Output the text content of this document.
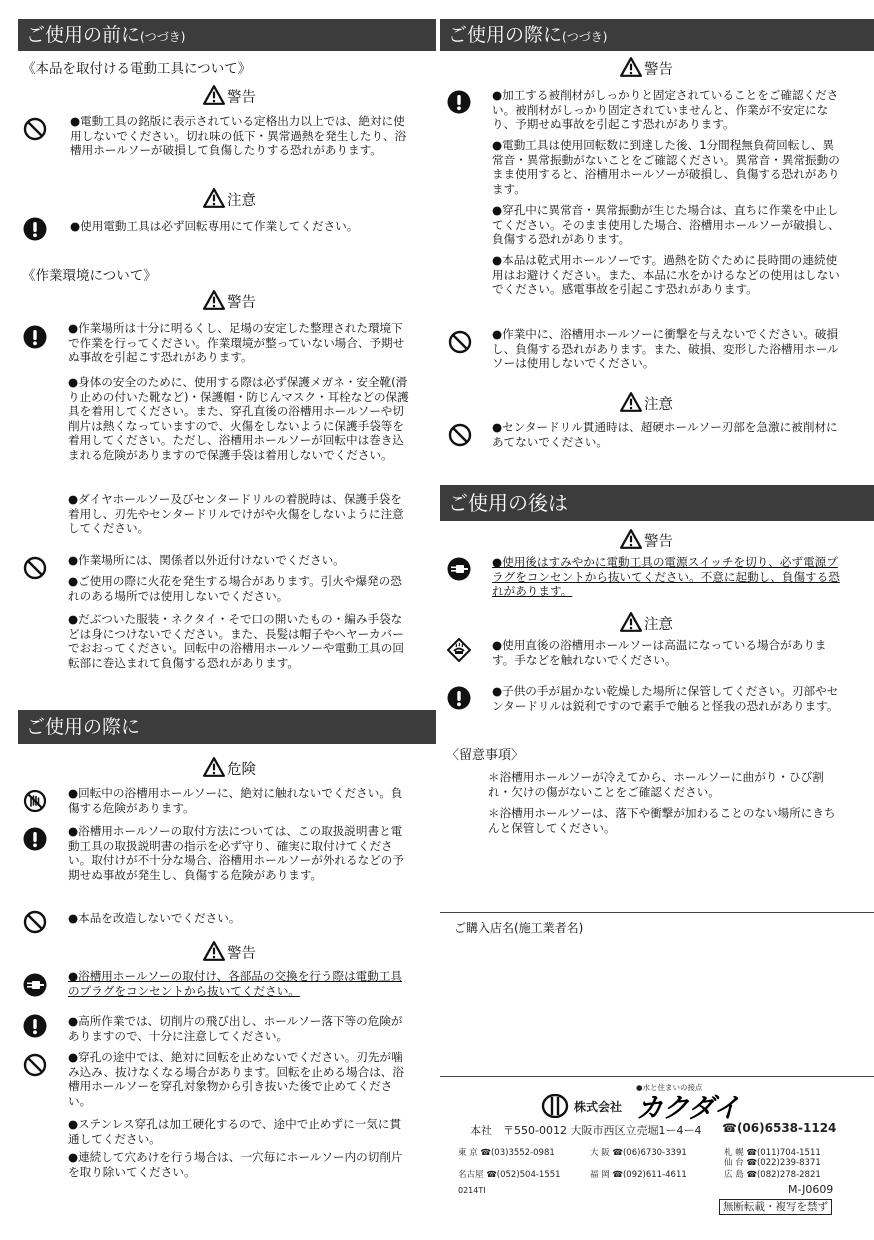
ご使用の前に(つづき)
《本品を取付ける電動工具について》
警告
●電動工具の銘版に表示されている定格出力以上では、絶対に使用しないでください。切れ味の低下・異常過熱を発生したり、浴槽用ホールソーが破損して負傷したりする恐れがあります。
注意
●使用電動工具は必ず回転専用にて作業してください。
《作業環境について》
警告
●作業場所は十分に明るくし、足場の安定した整理された環境下で作業を行ってください。作業環境が整っていない場合、予期せぬ事故を引起こす恐れがあります。
●身体の安全のために、使用する際は必ず保護メガネ・安全靴(滑り止めの付いた靴など)・保護帽・防じんマスク・耳栓などの保護具を着用してください。また、穿孔直後の浴槽用ホールソーや切削片は熱くなっていますので、火傷をしないように保護手袋等を着用してください。ただし、浴槽用ホールソーが回転中は巻き込まれる危険がありますので保護手袋は着用しないでください。
●ダイヤホールソー及びセンタードリルの着脱時は、保護手袋を着用し、刃先やセンタードリルでけがや火傷をしないように注意してください。
●作業場所には、関係者以外近付けないでください。
●ご使用の際に火花を発生する場合があります。引火や爆発の恐れのある場所では使用しないでください。
●だぶついた服装・ネクタイ・そで口の開いたもの・編み手袋などは身につけないでください。また、長髪は帽子やヘヤーカバーでおおってください。回転中の浴槽用ホールソーや電動工具の回転部に巻込まれて負傷する恐れがあります。
ご使用の際に
危険
●回転中の浴槽用ホールソーに、絶対に触れないでください。負傷する危険があります。
●浴槽用ホールソーの取付方法については、この取扱説明書と電動工具の取扱説明書の指示を必ず守り、確実に取付けてください。取付けが不十分な場合、浴槽用ホールソーが外れるなどの予期せぬ事故が発生し、負傷する危険があります。
●本品を改造しないでください。
警告
●浴槽用ホールソーの取付け、各部品の交換を行う際は電動工具のプラグをコンセントから抜いてください。
●高所作業では、切削片の飛び出し、ホールソー落下等の危険がありますので、十分に注意してください。
●穿孔の途中では、絶対に回転を止めないでください。刃先が噛み込み、抜けなくなる場合があります。回転を止める場合は、浴槽用ホールソーを穿孔対象物から引き抜いた後で止めてください。
●ステンレス穿孔は加工硬化するので、途中で止めずに一気に貫通してください。
●連続して穴あけを行う場合は、一穴毎にホールソー内の切削片を取り除いてください。
ご使用の際に(つづき)
警告
●加工する被削材がしっかりと固定されていることをご確認ください。被削材がしっかり固定されていませんと、作業が不安定になり、予期せぬ事故を引起こす恐れがあります。
●電動工具は使用回転数に到達した後、1分間程無負荷回転し、異常音・異常振動がないことをご確認ください。異常音・異常振動のまま使用すると、浴槽用ホールソーが破損し、負傷する恐れがあります。
●穿孔中に異常音・異常振動が生じた場合は、直ちに作業を中止してください。そのまま使用した場合、浴槽用ホールソーが破損し、負傷する恐れがあります。
●本品は乾式用ホールソーです。過熱を防ぐために長時間の連続使用はお避けください。また、本品に水をかけるなどの使用はしないでください。感電事故を引起こす恐れがあります。
●作業中に、浴槽用ホールソーに衝撃を与えないでください。破損し、負傷する恐れがあります。また、破損、変形した浴槽用ホールソーは使用しないでください。
注意
●センタードリル貫通時は、超硬ホールソー刃部を急激に被削材にあてないでください。
ご使用の後は
警告
●使用後はすみやかに電動工具の電源スイッチを切り、必ず電源プラグをコンセントから抜いてください。不意に起動し、負傷する恐れがあります。
注意
●使用直後の浴槽用ホールソーは高温になっている場合があります。手などを触れないでください。
●子供の手が届かない乾燥した場所に保管してください。刃部やセンタードリルは鋭利ですので素手で触ると怪我の恐れがあります。
〈留意事項〉
＊浴槽用ホールソーが冷えてから、ホールソーに曲がり・ひび割れ・欠けの傷がないことをご確認ください。
＊浴槽用ホールソーは、落下や衝撃が加わることのない場所にきちんと保管してください。
ご購入店名(施工業者名)
●水と住まいの接点
株式会社 カクダイ
本社　〒550-0012 大阪市西区立売堀1ー4ー4 ☎(06)6538-1124
東 京 ☎(03)3552-0981	大 阪 ☎(06)6730-3391	札 幌 ☎(011)704-1511
仙 台 ☎(022)239-8371
名古屋 ☎(052)504-1551	福 岡 ☎(092)611-4611	広 島 ☎(082)278-2821
0214TI	M-J0609
無断転載・複写を禁ず
